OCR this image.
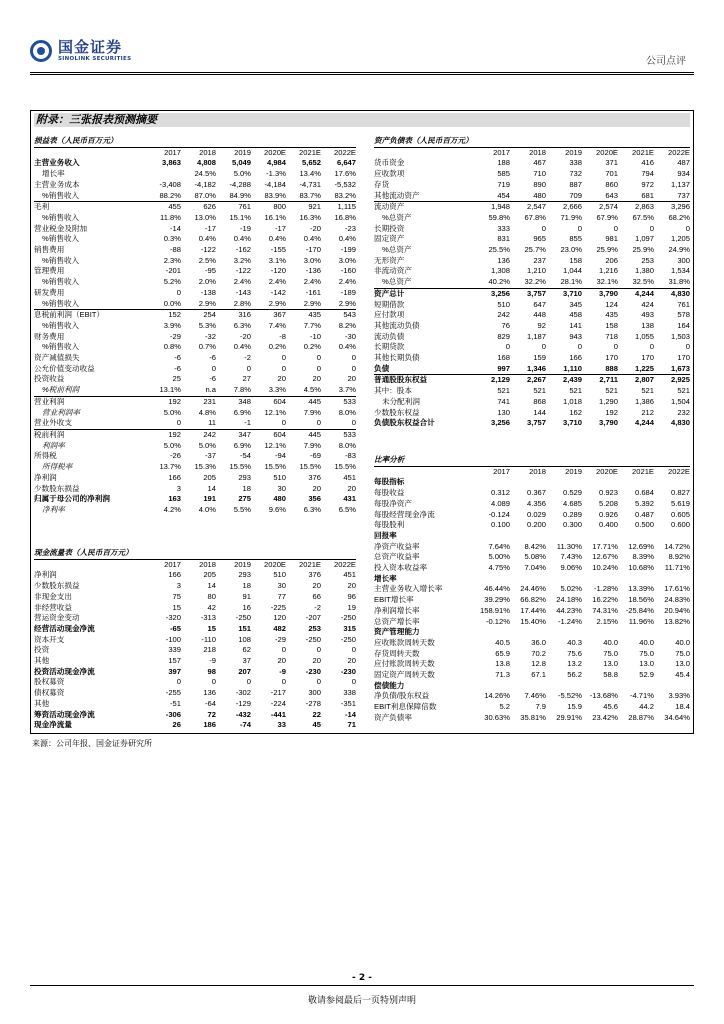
国金证券
SINOLINK SECURITIES	公司点评
附录：三张报表预测摘要
损益表（人民币百万元）						
	2017	2018	2019	2020E	2021E	2022E
主营业务收入	3,863	4,808	5,049	4,984	5,652	6,647
增长率		24.5%	5.0%	-1.3%	13.4%	17.6%
主营业务成本	-3,408	-4,182	-4,288	-4,184	-4,731	-5,532
%销售收入	88.2%	87.0%	84.9%	83.9%	83.7%	83.2%
毛利	455	626	761	800	921	1,115
%销售收入	11.8%	13.0%	15.1%	16.1%	16.3%	16.8%
营业税金及附加	-14	-17	-19	-17	-20	-23
%销售收入	0.3%	0.4%	0.4%	0.4%	0.4%	0.4%
销售费用	-88	-122	-162	-155	-170	-199
%销售收入	2.3%	2.5%	3.2%	3.1%	3.0%	3.0%
管理费用	-201	-95	-122	-120	-136	-160
%销售收入	5.2%	2.0%	2.4%	2.4%	2.4%	2.4%
研发费用	0	-138	-143	-142	-161	-189
%销售收入	0.0%	2.9%	2.8%	2.9%	2.9%	2.9%
息税前利润（EBIT）	152	254	316	367	435	543
%销售收入	3.9%	5.3%	6.3%	7.4%	7.7%	8.2%
财务费用	-29	-32	-20	-8	-10	-30
%销售收入	0.8%	0.7%	0.4%	0.2%	0.2%	0.4%
资产减值损失	-6	-6	-2	0	0	0
公允价值变动收益	-6	0	0	0	0	0
投资收益	25	-6	27	20	20	20
%税前利润	13.1%	n.a	7.8%	3.3%	4.5%	3.7%
营业利润	192	231	348	604	445	533
营业利润率	5.0%	4.8%	6.9%	12.1%	7.9%	8.0%
营业外收支	0	11	-1	0	0	0
税前利润	192	242	347	604	445	533
利润率	5.0%	5.0%	6.9%	12.1%	7.9%	8.0%
所得税	-26	-37	-54	-94	-69	-83
所得税率	13.7%	15.3%	15.5%	15.5%	15.5%	15.5%
净利润	166	205	293	510	376	451
少数股东损益	3	14	18	30	20	20
归属于母公司的净利润	163	191	275	480	356	431
净利率	4.2%	4.0%	5.5%	9.6%	6.3%	6.5%
资产负债表（人民币百万元）						
	2017	2018	2019	2020E	2021E	2022E
货币资金	188	467	338	371	416	487
应收款项	585	710	732	701	794	934
存货	719	890	887	860	972	1,137
其他流动资产	454	480	709	643	681	737
流动资产	1,948	2,547	2,666	2,574	2,863	3,296
%总资产	59.8%	67.8%	71.9%	67.9%	67.5%	68.2%
长期投资	333	0	0	0	0	0
固定资产	831	965	855	981	1,097	1,205
%总资产	25.5%	25.7%	23.0%	25.9%	25.9%	24.9%
无形资产	136	237	158	206	253	300
非流动资产	1,308	1,210	1,044	1,216	1,380	1,534
%总资产	40.2%	32.2%	28.1%	32.1%	32.5%	31.8%
资产总计	3,256	3,757	3,710	3,790	4,244	4,830
短期借款	510	647	345	124	424	761
应付款项	242	448	458	435	493	578
其他流动负债	76	92	141	158	138	164
流动负债	829	1,187	943	718	1,055	1,503
长期贷款	0	0	0	0	0	0
其他长期负债	168	159	166	170	170	170
负债	997	1,346	1,110	888	1,225	1,673
普通股股东权益	2,129	2,267	2,439	2,711	2,807	2,925
其中：股本	521	521	521	521	521	521
未分配利润	741	868	1,018	1,290	1,386	1,504
少数股东权益	130	144	162	192	212	232
负债股东权益合计	3,256	3,757	3,710	3,790	4,244	4,830
比率分析						
	2017	2018	2019	2020E	2021E	2022E
每股指标						
每股收益	0.312	0.367	0.529	0.923	0.684	0.827
每股净资产	4.089	4.356	4.685	5.208	5.392	5.619
每股经营现金净流	-0.124	0.029	0.289	0.926	0.487	0.605
每股股利	0.100	0.200	0.300	0.400	0.500	0.600
回报率						
净资产收益率	7.64%	8.42%	11.30%	17.71%	12.69%	14.72%
总资产收益率	5.00%	5.08%	7.43%	12.67%	8.39%	8.92%
投入资本收益率	4.75%	7.04%	9.06%	10.24%	10.68%	11.71%
增长率						
主营业务收入增长率	46.44%	24.46%	5.02%	-1.28%	13.39%	17.61%
EBIT增长率	39.29%	66.82%	24.18%	16.22%	18.56%	24.83%
净利润增长率	158.91%	17.44%	44.23%	74.31%	-25.84%	20.94%
总资产增长率	-0.12%	15.40%	-1.24%	2.15%	11.96%	13.82%
资产管理能力						
应收账款周转天数	40.5	36.0	40.3	40.0	40.0	40.0
存货周转天数	65.9	70.2	75.6	75.0	75.0	75.0
应付账款周转天数	13.8	12.8	13.2	13.0	13.0	13.0
固定资产周转天数	71.3	67.1	56.2	58.8	52.9	45.4
偿债能力						
净负债/股东权益	14.26%	7.46%	-5.52%	-13.68%	-4.71%	3.93%
EBIT利息保障倍数	5.2	7.9	15.9	45.6	44.2	18.4
资产负债率	30.63%	35.81%	29.91%	23.42%	28.87%	34.64%
现金流量表（人民币百万元）						
	2017	2018	2019	2020E	2021E	2022E
净利润	166	205	293	510	376	451
少数股东损益	3	14	18	30	20	20
非现金支出	75	80	91	77	66	96
非经营收益	15	42	16	-225	-2	19
营运资金变动	-320	-313	-250	120	-207	-250
经营活动现金净流	-65	15	151	482	253	315
资本开支	-100	-110	108	-29	-250	-250
投资	339	218	62	0	0	0
其他	157	-9	37	20	20	20
投资活动现金净流	397	98	207	-9	-230	-230
股权募资	0	0	0	0	0	0
债权募资	-255	136	-302	-217	300	338
其他	-51	-64	-129	-224	-278	-351
筹资活动现金净流	-306	72	-432	-441	22	-14
现金净流量	26	186	-74	33	45	71
来源：公司年报、国金证券研究所
- 2 -
敬请参阅最后一页特别声明
